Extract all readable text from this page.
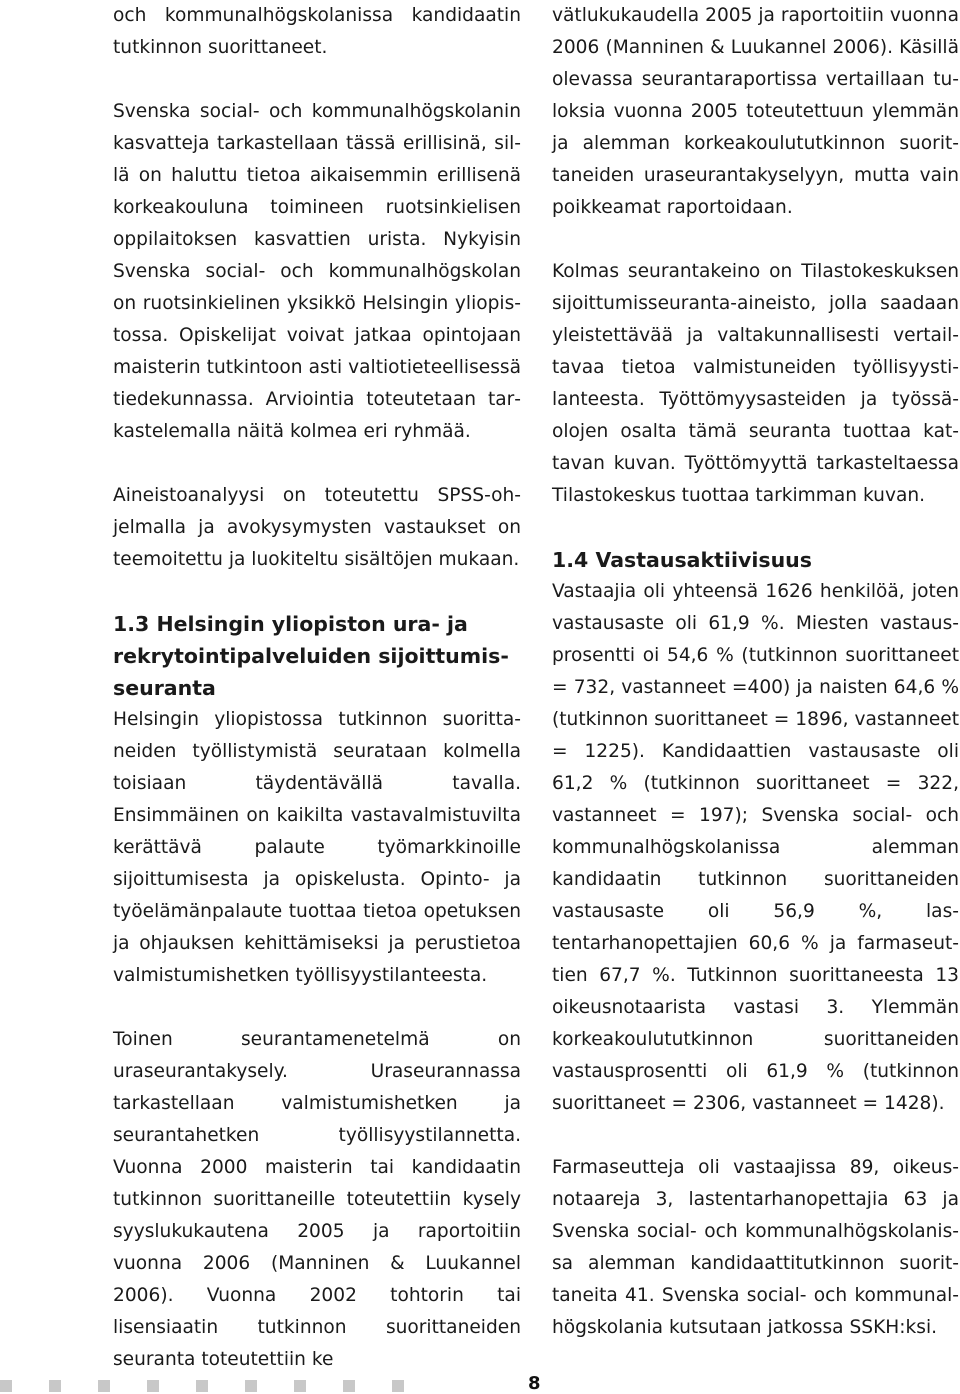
och kommunalhögskolanissa kandidaatin tutkinnon suorittaneet.

Svenska social- och kommunalhögskolanin kasvatteja tarkastellaan tässä erillisinä, sillä on haluttu tietoa aikaisemmin erillisenä korkeakouluna toimineen ruotsinkielisen oppilaitoksen kasvattien urista. Nykyisin Svenska social- och kommunalhögskolan on ruotsinkielinen yksikkö Helsingin yliopistossa. Opiskelijat voivat jatkaa opintojaan maisterin tutkintoon asti valtiotieteellisessä tiedekunnassa. Arviointia toteutetaan tarkastelemalla näitä kolmea eri ryhmää.

Aineistoanalyysi on toteutettu SPSS-ohjelmalla ja avokysymysten vastaukset on teemoitettu ja luokiteltu sisältöjen mukaan.

1.3 Helsingin yliopiston ura- ja rekrytointipalveluiden sijoittumisseuranta

Helsingin yliopistossa tutkinnon suorittaneiden työllistymistä seurataan kolmella toisiaan täydentävällä tavalla. Ensimmäinen on kaikilta vastavalmistuvilta kerättävä palaute työmarkkinoille sijoittumisesta ja opiskelusta. Opinto- ja työelämänpalaute tuottaa tietoa opetuksen ja ohjauksen kehittämiseksi ja perustietoa valmistumishetken työllisyystilanteesta.

Toinen seurantamenetelmä on uraseurantakysely. Uraseurannassa tarkastellaan valmistumishetken ja seurantahetken työllisyystilannetta. Vuonna 2000 maisterin tai kandidaatin tutkinnon suorittaneille toteutettiin kysely syyslukukautena 2005 ja raportoitiin vuonna 2006 (Manninen & Luukannel 2006). Vuonna 2002 tohtorin tai lisensiaatin tutkinnon suorittaneiden seuranta toteutettiin ke

vätlukukaudella 2005 ja raportoitiin vuonna 2006 (Manninen & Luukannel 2006). Käsillä olevassa seurantaraportissa vertaillaan tuloksia vuonna 2005 toteutettuun ylemmän ja alemman korkeakoulututkinnon suorittaneiden uraseurantakyselyyn, mutta vain poikkeamat raportoidaan.

Kolmas seurantakeino on Tilastokeskuksen sijoittumisseuranta-aineisto, jolla saadaan yleistettävää ja valtakunnallisesti vertailtavaa tietoa valmistuneiden työllisyystilanteesta. Työttömyysasteiden ja työssäolojen osalta tämä seuranta tuottaa kattavan kuvan. Työttömyyttä tarkasteltaessa Tilastokeskus tuottaa tarkimman kuvan.

1.4 Vastausaktiivisuus

Vastaajia oli yhteensä 1626 henkilöä, joten vastausaste oli 61,9 %. Miesten vastausprosentti oi 54,6 % (tutkinnon suorittaneet = 732, vastanneet =400) ja naisten 64,6 % (tutkinnon suorittaneet = 1896, vastanneet = 1225). Kandidaattien vastausaste oli 61,2 % (tutkinnon suorittaneet = 322, vastanneet = 197); Svenska social- och kommunalhögskolanissa alemman kandidaatin tutkinnon suorittaneiden vastausaste oli 56,9 %, lastentarhanopettajien 60,6 % ja farmaseuttien 67,7 %. Tutkinnon suorittaneesta 13 oikeusnotaarista vastasi 3. Ylemmän korkeakoulututkinnon suorittaneiden vastausprosentti oli 61,9 % (tutkinnon suorittaneet = 2306, vastanneet = 1428).

Farmaseutteja oli vastaajissa 89, oikeusnotaareja 3, lastentarhanopettajia 63 ja Svenska social- och kommunalhögskolanissa alemman kandidaattitutkinnon suorittaneita 41. Svenska social- och kommunalhögskolania kutsutaan jatkossa SSKH:ksi.

8
